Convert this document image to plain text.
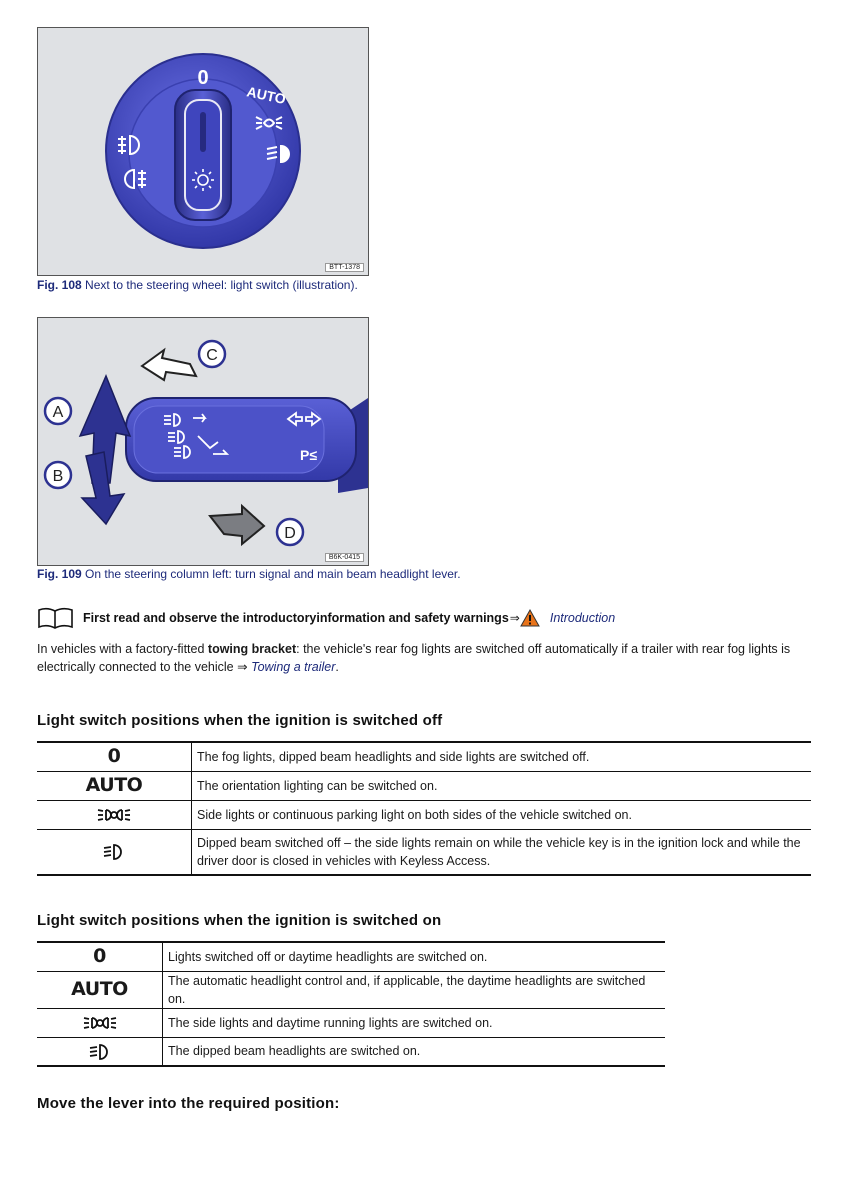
0
AUTO
BTT-1378
Fig. 108 Next to the steering wheel: light switch (illustration).
P≤
A
B
C
D
B6K-0415
Fig. 109 On the steering column left: turn signal and main beam headlight lever.
First read and observe the introductoryinformation and safety warnings ⇒ Introduction
In vehicles with a factory-fitted towing bracket: the vehicle's rear fog lights are switched off automatically if a trailer with rear fog lights is electrically connected to the vehicle ⇒ Towing a trailer.
Light switch positions when the ignition is switched off
0	The fog lights, dipped beam headlights and side lights are switched off.
AUTO	The orientation lighting can be switched on.
	Side lights or continuous parking light on both sides of the vehicle switched on.
	Dipped beam switched off – the side lights remain on while the vehicle key is in the ignition lock and while the driver door is closed in vehicles with Keyless Access.
Light switch positions when the ignition is switched on
0	Lights switched off or daytime headlights are switched on.
AUTO	The automatic headlight control and, if applicable, the daytime headlights are switched on.
	The side lights and daytime running lights are switched on.
	The dipped beam headlights are switched on.
Move the lever into the required position:
